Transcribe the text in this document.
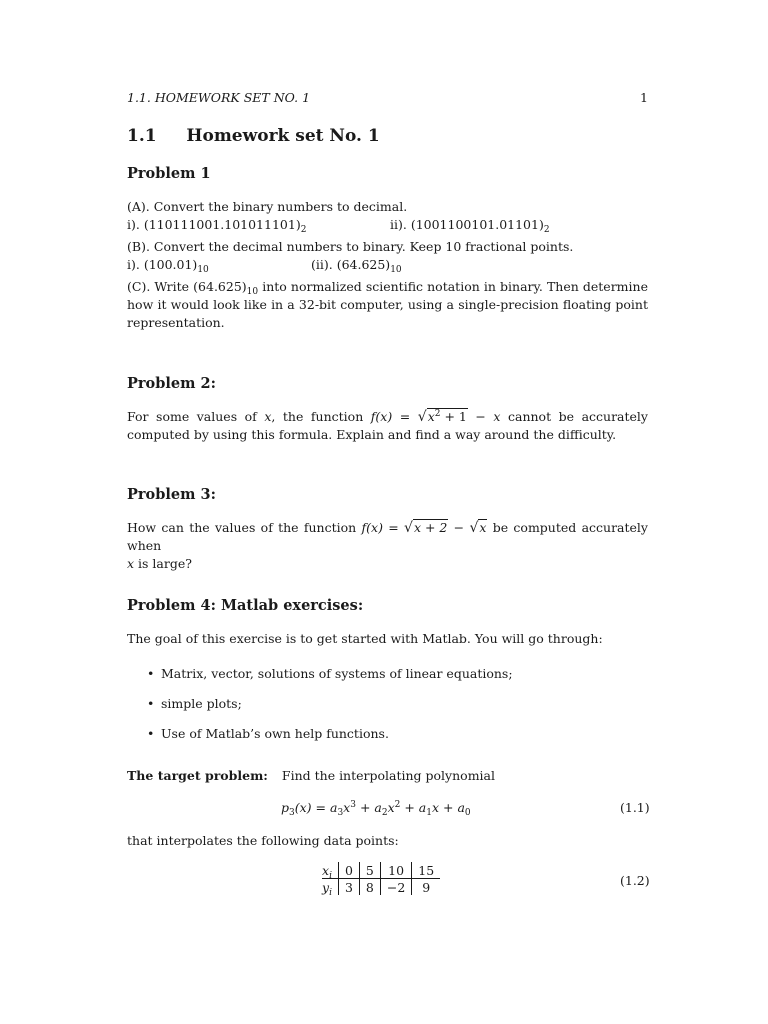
1.1. HOMEWORK SET NO. 1	1
1.1 Homework set No. 1
Problem 1
(A). Convert the binary numbers to decimal.
i). $(110111001.101011101)_2$	ii). $(1001100101.01101)_2$
(B). Convert the decimal numbers to binary. Keep 10 fractional points.
i). $(100.01)_{10}$	(ii). $(64.625)_{10}$
(C). Write $(64.625)_{10}$ into normalized scientific notation in binary. Then determine how it would look like in a 32-bit computer, using a single-precision floating point representation.
Problem 2:
For some values of x, the function $f(x) = √x^2 + 1 - x$ cannot be accurately computed by using this formula. Explain and find a way around the difficulty.
Problem 3:
How can the values of the function f(x) = √x + 2 − √x be computed accurately when
x is large?
Problem 4: Matlab exercises:
The goal of this exercise is to get started with Matlab. You will go through:
• Matrix, vector, solutions of systems of linear equations;
• simple plots;
• Use of Matlab’s own help functions.
The target problem: Find the interpolating polynomial
$p_3(x) = a_3x^3 + a_2x^2 + a_1x + a_0$	(1.1)
that interpolates the following data points:
$x_i$	0	5	10	15
$y_i$	3	8	−2	9	(1.2)
